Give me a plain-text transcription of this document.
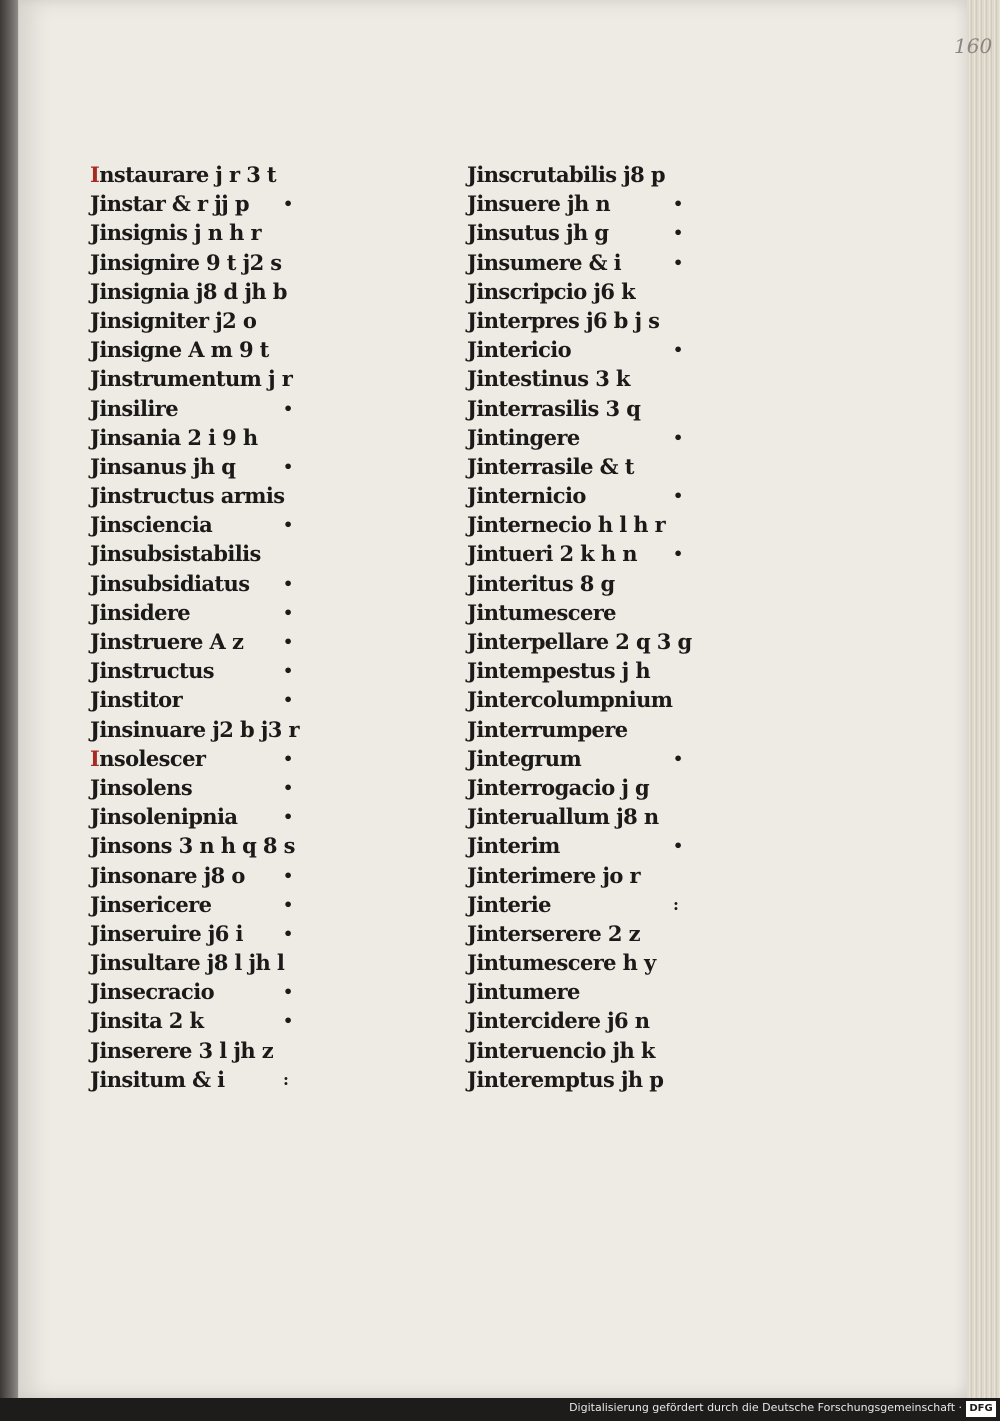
160
Instaurare j r 3 t
Jinstar & r jj p •
Jinsignis j n h r
Jinsignire 9 t j2 s
Jinsignia j8 d jh b
Jinsigniter j2 o
Jinsigne A m 9 t
Jinstrumentum j r
Jinsilire	•
Jinsania 2 i 9 h
Jinsanus jh q	•
Jinstructus armis
Jinsciencia	•
Jinsubsistabilis
Jinsubsidiatus •
Jinsidere	•
Jinstruere A z •
Jinstructus	•
Jinstitor	•
Jinsinuare j2 b j3 r
Insolescer	•
Jinsolens	•
Jinsolenipnia	•
Jinsons 3 n h q 8 s
Jinsonare j8 o •
Jinsericere	•
Jinseruire j6 i	•
Jinsultare j8 l jh l
Jinsecracio	•
Jinsita 2 k	•
Jinserere 3 l jh z
Jinsitum & i	:
Jinscrutabilis j8 p
Jinsuere jh n	•
Jinsutus jh g	•
Jinsumere & i	•
Jinscripcio j6 k
Jinterpres j6 b j s
Jintericio	•
Jintestinus 3 k
Jinterrasilis 3 q
Jintingere	•
Jinterrasile & t
Jinternicio	•
Jinternecio h l h r
Jintueri 2 k h n •
Jinteritus 8 g
Jintumescere
Jinterpellare 2 q 3 g
Jintempestus j h
Jintercolumpnium
Jinterrumpere
Jintegrum	•
Jinterrogacio j g
Jinteruallum j8 n
Jinterim	•
Jinterimere jo r
Jinterie	:
Jinterserere 2 z
Jintumescere h y
Jintumere
Jintercidere j6 n
Jinteruencio jh k
Jinteremptus jh p
Digitalisierung gefördert durch die Deutsche Forschungsgemeinschaft · DFG
